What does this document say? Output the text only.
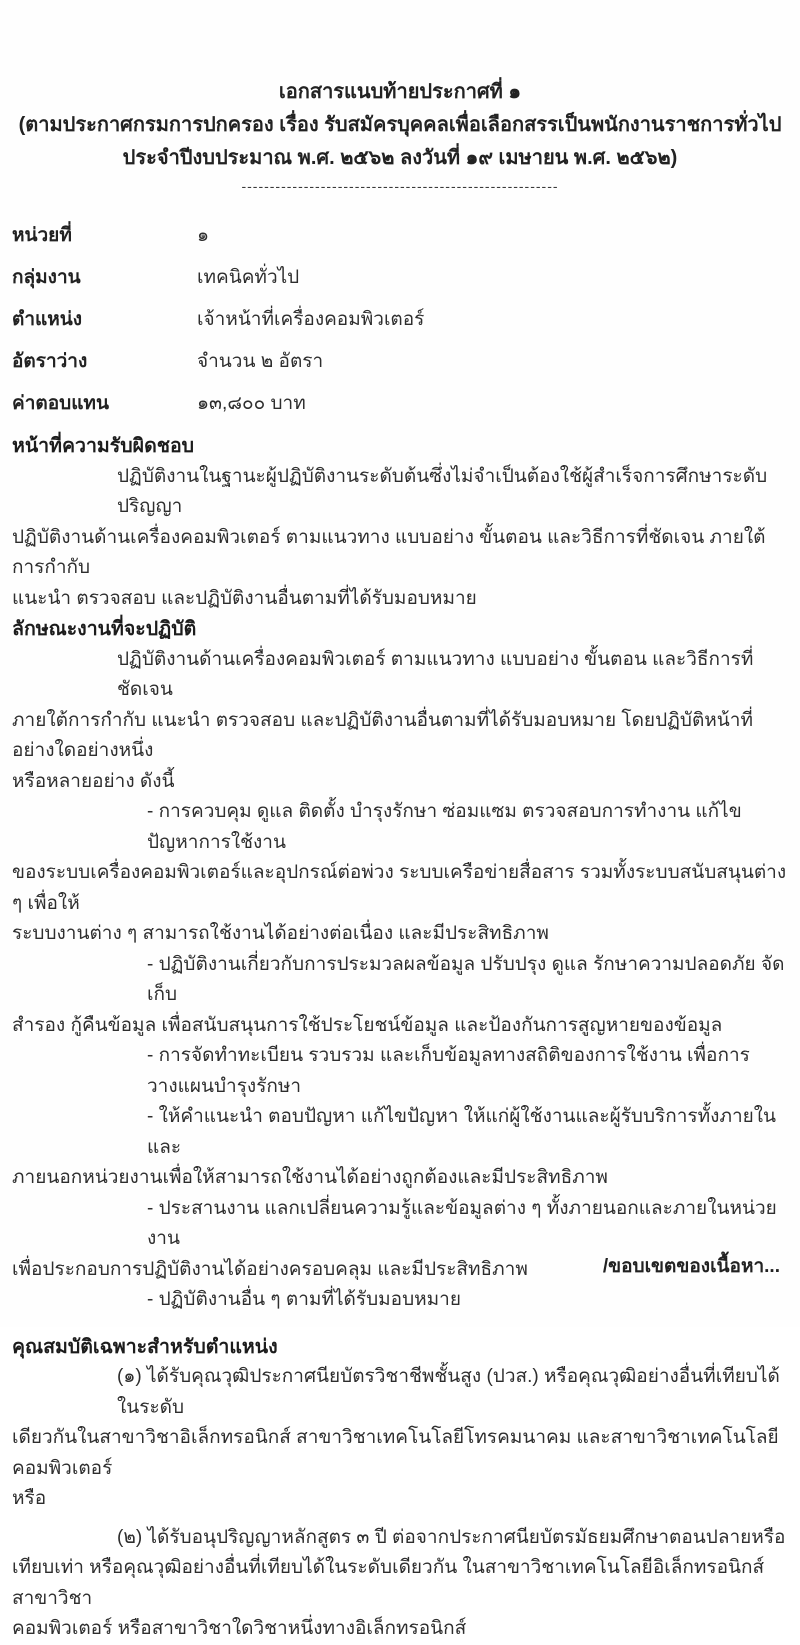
เอกสารแนบท้ายประกาศที่ ๑
(ตามประกาศกรมการปกครอง เรื่อง รับสมัครบุคคลเพื่อเลือกสรรเป็นพนักงานราชการทั่วไป
ประจำปีงบประมาณ พ.ศ. ๒๕๖๒ ลงวันที่ ๑๙ เมษายน พ.ศ. ๒๕๖๒)
--------------------------------------------------------
หน่วยที่	๑
กลุ่มงาน	เทคนิคทั่วไป
ตำแหน่ง	เจ้าหน้าที่เครื่องคอมพิวเตอร์
อัตราว่าง	จำนวน ๒ อัตรา
ค่าตอบแทน	๑๓,๘๐๐ บาท
หน้าที่ความรับผิดชอบ
ปฏิบัติงานในฐานะผู้ปฏิบัติงานระดับต้นซึ่งไม่จำเป็นต้องใช้ผู้สำเร็จการศึกษาระดับปริญญา
ปฏิบัติงานด้านเครื่องคอมพิวเตอร์ ตามแนวทาง แบบอย่าง ขั้นตอน และวิธีการที่ชัดเจน ภายใต้การกำกับ
แนะนำ ตรวจสอบ และปฏิบัติงานอื่นตามที่ได้รับมอบหมาย
ลักษณะงานที่จะปฏิบัติ
ปฏิบัติงานด้านเครื่องคอมพิวเตอร์ ตามแนวทาง แบบอย่าง ขั้นตอน และวิธีการที่ชัดเจน
ภายใต้การกำกับ แนะนำ ตรวจสอบ และปฏิบัติงานอื่นตามที่ได้รับมอบหมาย โดยปฏิบัติหน้าที่อย่างใดอย่างหนึ่ง
หรือหลายอย่าง ดังนี้
- การควบคุม ดูแล ติดตั้ง บำรุงรักษา ซ่อมแซม ตรวจสอบการทำงาน แก้ไขปัญหาการใช้งาน
ของระบบเครื่องคอมพิวเตอร์และอุปกรณ์ต่อพ่วง ระบบเครือข่ายสื่อสาร รวมทั้งระบบสนับสนุนต่าง ๆ เพื่อให้
ระบบงานต่าง ๆ สามารถใช้งานได้อย่างต่อเนื่อง และมีประสิทธิภาพ
- ปฏิบัติงานเกี่ยวกับการประมวลผลข้อมูล ปรับปรุง ดูแล รักษาความปลอดภัย จัดเก็บ
สำรอง กู้คืนข้อมูล เพื่อสนับสนุนการใช้ประโยชน์ข้อมูล และป้องกันการสูญหายของข้อมูล
- การจัดทำทะเบียน รวบรวม และเก็บข้อมูลทางสถิติของการใช้งาน เพื่อการวางแผนบำรุงรักษา
- ให้คำแนะนำ ตอบปัญหา แก้ไขปัญหา ให้แก่ผู้ใช้งานและผู้รับบริการทั้งภายในและ
ภายนอกหน่วยงานเพื่อให้สามารถใช้งานได้อย่างถูกต้องและมีประสิทธิภาพ
- ประสานงาน แลกเปลี่ยนความรู้และข้อมูลต่าง ๆ ทั้งภายนอกและภายในหน่วยงาน
เพื่อประกอบการปฏิบัติงานได้อย่างครอบคลุม และมีประสิทธิภาพ
- ปฏิบัติงานอื่น ๆ ตามที่ได้รับมอบหมาย
คุณสมบัติเฉพาะสำหรับตำแหน่ง
(๑) ได้รับคุณวุฒิประกาศนียบัตรวิชาชีพชั้นสูง (ปวส.) หรือคุณวุฒิอย่างอื่นที่เทียบได้ในระดับ
เดียวกันในสาขาวิชาอิเล็กทรอนิกส์ สาขาวิชาเทคโนโลยีโทรคมนาคม และสาขาวิชาเทคโนโลยีคอมพิวเตอร์
หรือ
(๒) ได้รับอนุปริญญาหลักสูตร ๓ ปี ต่อจากประกาศนียบัตรมัธยมศึกษาตอนปลายหรือ
เทียบเท่า หรือคุณวุฒิอย่างอื่นที่เทียบได้ในระดับเดียวกัน ในสาขาวิชาเทคโนโลยีอิเล็กทรอนิกส์ สาขาวิชา
คอมพิวเตอร์ หรือสาขาวิชาใดวิชาหนึ่งทางอิเล็กทรอนิกส์
/ขอบเขตของเนื้อหา...
